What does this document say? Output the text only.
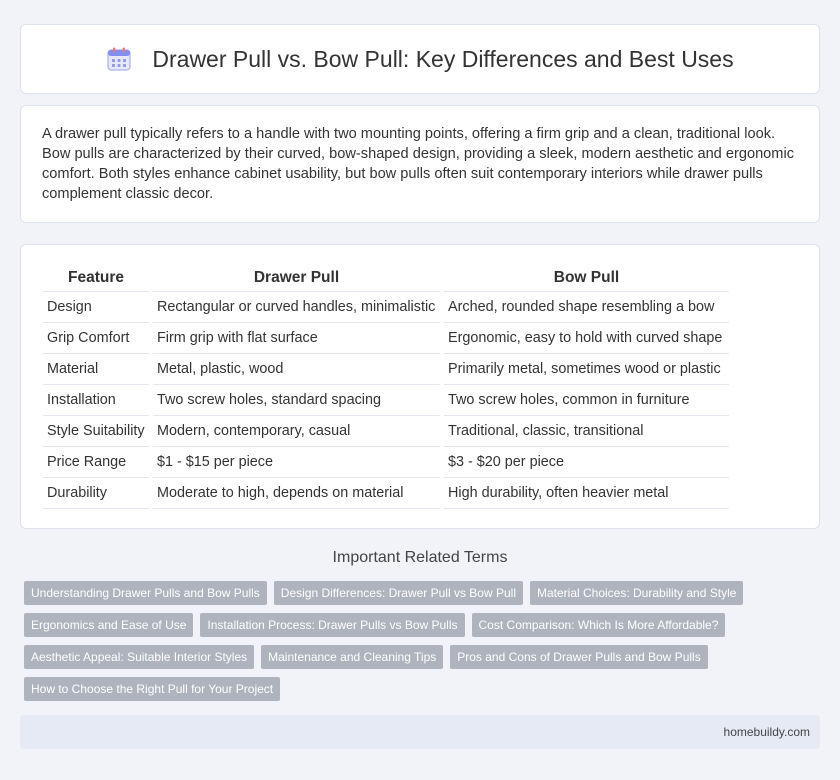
Drawer Pull vs. Bow Pull: Key Differences and Best Uses

A drawer pull typically refers to a handle with two mounting points, offering a firm grip and a clean, traditional look. Bow pulls are characterized by their curved, bow-shaped design, providing a sleek, modern aesthetic and ergonomic comfort. Both styles enhance cabinet usability, but bow pulls often suit contemporary interiors while drawer pulls complement classic decor.

Feature	Drawer Pull	Bow Pull
Design	Rectangular or curved handles, minimalistic	Arched, rounded shape resembling a bow
Grip Comfort	Firm grip with flat surface	Ergonomic, easy to hold with curved shape
Material	Metal, plastic, wood	Primarily metal, sometimes wood or plastic
Installation	Two screw holes, standard spacing	Two screw holes, common in furniture
Style Suitability	Modern, contemporary, casual	Traditional, classic, transitional
Price Range	$1 - $15 per piece	$3 - $20 per piece
Durability	Moderate to high, depends on material	High durability, often heavier metal
Important Related Terms
Understanding Drawer Pulls and Bow Pulls	Design Differences: Drawer Pull vs Bow Pull	Material Choices: Durability and Style
Ergonomics and Ease of Use	Installation Process: Drawer Pulls vs Bow Pulls	Cost Comparison: Which Is More Affordable?
Aesthetic Appeal: Suitable Interior Styles	Maintenance and Cleaning Tips	Pros and Cons of Drawer Pulls and Bow Pulls
How to Choose the Right Pull for Your Project
homebuildy.com
